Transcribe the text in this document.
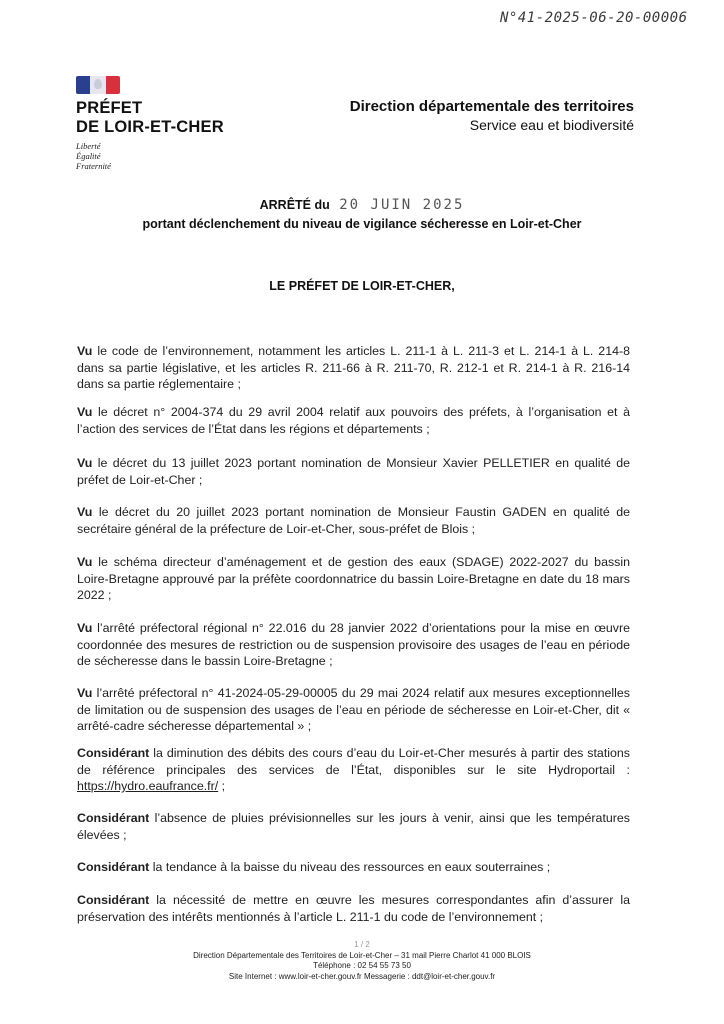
N°41-2025-06-20-00006
PRÉFET
DE LOIR-ET-CHER
Liberté
Égalité
Fraternité
Direction départementale des territoires
Service eau et biodiversité
ARRÊTÉ du 20 JUIN 2025
portant déclenchement du niveau de vigilance sécheresse en Loir-et-Cher
LE PRÉFET DE LOIR-ET-CHER,
Vu le code de l’environnement, notamment les articles L. 211-1 à L. 211-3 et L. 214-1 à L. 214-8 dans sa partie législative, et les articles R. 211-66 à R. 211-70, R. 212-1 et R. 214-1 à R. 216-14 dans sa partie réglementaire ;
Vu le décret n° 2004-374 du 29 avril 2004 relatif aux pouvoirs des préfets, à l’organisation et à l’action des services de l’État dans les régions et départements ;
Vu le décret du 13 juillet 2023 portant nomination de Monsieur Xavier PELLETIER en qualité de préfet de Loir-et-Cher ;
Vu le décret du 20 juillet 2023 portant nomination de Monsieur Faustin GADEN en qualité de secrétaire général de la préfecture de Loir-et-Cher, sous-préfet de Blois ;
Vu le schéma directeur d’aménagement et de gestion des eaux (SDAGE) 2022-2027 du bassin Loire-Bretagne approuvé par la préfète coordonnatrice du bassin Loire-Bretagne en date du 18 mars 2022 ;
Vu l’arrêté préfectoral régional n° 22.016 du 28 janvier 2022 d’orientations pour la mise en œuvre coordonnée des mesures de restriction ou de suspension provisoire des usages de l’eau en période de sécheresse dans le bassin Loire-Bretagne ;
Vu l’arrêté préfectoral n° 41-2024-05-29-00005 du 29 mai 2024 relatif aux mesures exceptionnelles de limitation ou de suspension des usages de l’eau en période de sécheresse en Loir-et-Cher, dit « arrêté-cadre sécheresse départemental » ;
Considérant la diminution des débits des cours d’eau du Loir-et-Cher mesurés à partir des stations de référence principales des services de l’État, disponibles sur le site Hydroportail : https://hydro.eaufrance.fr/ ;
Considérant l’absence de pluies prévisionnelles sur les jours à venir, ainsi que les températures élevées ;
Considérant la tendance à la baisse du niveau des ressources en eaux souterraines ;
Considérant la nécessité de mettre en œuvre les mesures correspondantes afin d’assurer la préservation des intérêts mentionnés à l’article L. 211-1 du code de l’environnement ;
1 / 2
Direction Départementale des Territoires de Loir-et-Cher – 31 mail Pierre Charlot 41 000 BLOIS
Téléphone : 02 54 55 73 50
Site Internet : www.loir-et-cher.gouv.fr Messagerie : ddt@loir-et-cher.gouv.fr
